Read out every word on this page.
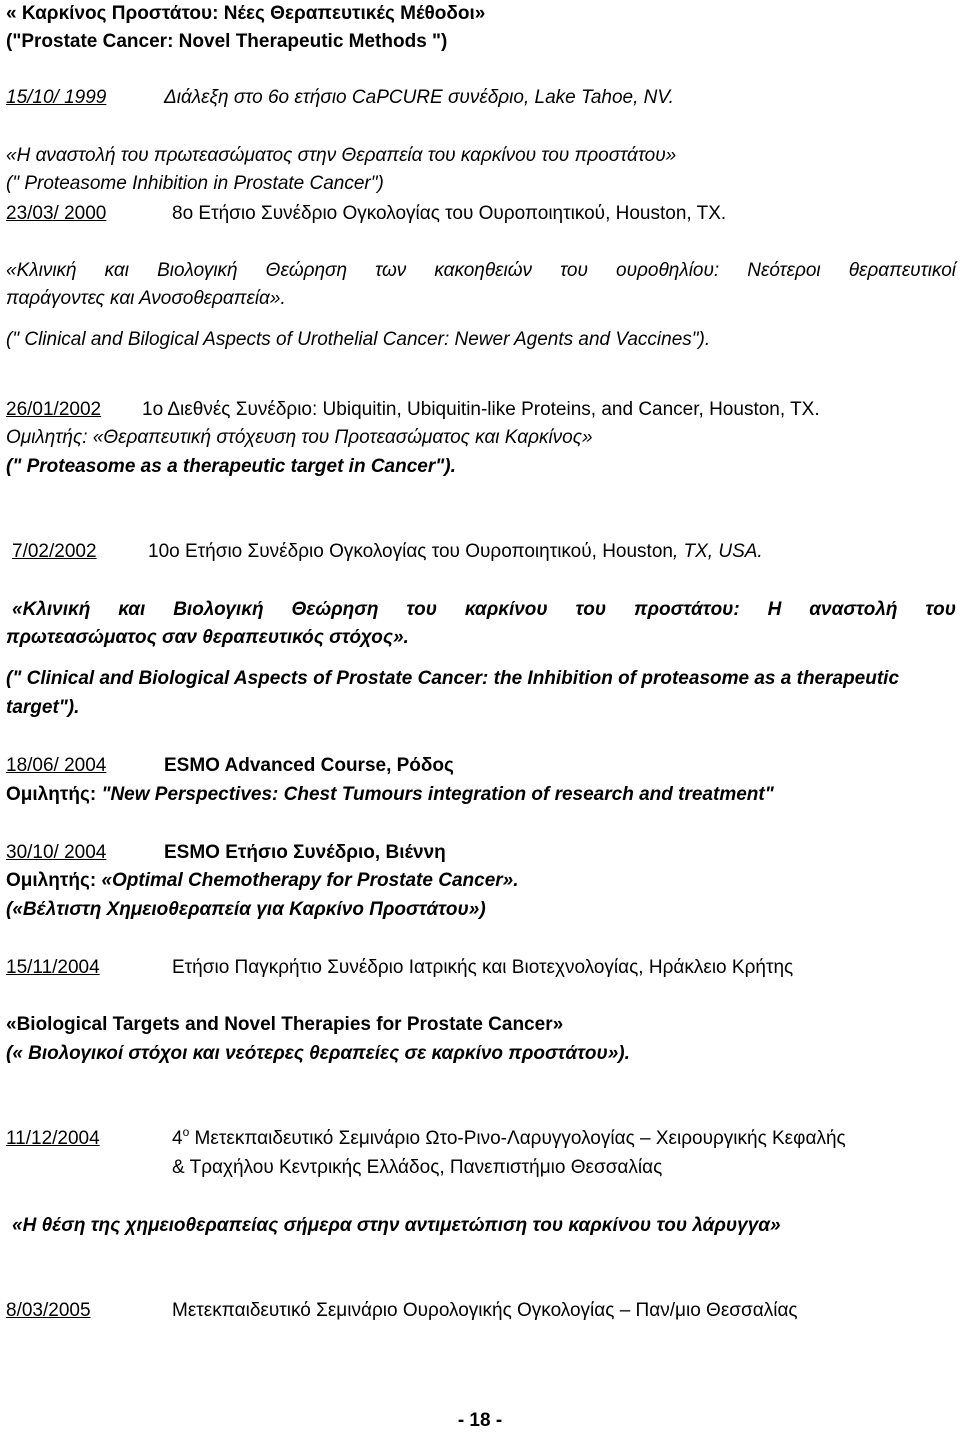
« Καρκίνος Προστάτου: Νέες Θεραπευτικές Μέθοδοι»
("Prostate Cancer: Novel Therapeutic Methods ")
15/10/ 1999	Διάλεξη στο 6ο ετήσιο CaPCURE συνέδριο, Lake Tahoe, NV.
«Η αναστολή του πρωτεασώματος στην Θεραπεία του καρκίνου του προστάτου»
(" Proteasome Inhibition in Prostate Cancer")
23/03/ 2000	8ο Ετήσιο Συνέδριο Ογκολογίας του Ουροποιητικού, Houston, TX.
«Κλινική και Βιολογική Θεώρηση των κακοηθειών του ουροθηλίου: Νεότεροι θεραπευτικοί
παράγοντες και Ανοσοθεραπεία».
(" Clinical and Bilogical Aspects of Urothelial Cancer: Newer Agents and Vaccines").
26/01/2002 1ο Διεθνές Συνέδριο: Ubiquitin, Ubiquitin-like Proteins, and Cancer, Houston, TX.
Ομιλητής: «Θεραπευτική στόχευση του Προτεασώματος και Καρκίνος»
(" Proteasome as a therapeutic target in Cancer").
7/02/2002	10ο Ετήσιο Συνέδριο Ογκολογίας του Ουροποιητικού, Houston, TX, USA.
«Κλινική και Βιολογική Θεώρηση του καρκίνου του προστάτου: Η αναστολή του
πρωτεασώματος σαν θεραπευτικός στόχος».
(" Clinical and Biological Aspects of Prostate Cancer: the Inhibition of proteasome as a therapeutic
target").
18/06/ 2004	ESMO Advanced Course, Ρόδος
Ομιλητής: "New Perspectives: Chest Tumours integration of research and treatment"
30/10/ 2004	ESMO Ετήσιο Συνέδριο, Βιέννη
Ομιλητής: «Optimal Chemotherapy for Prostate Cancer».
(«Βέλτιστη Χημειοθεραπεία για Καρκίνο Προστάτου»)
15/11/2004	Ετήσιο Παγκρήτιο Συνέδριο Ιατρικής και Βιοτεχνολογίας, Ηράκλειο Κρήτης
«Biological Targets and Novel Therapies for Prostate Cancer»
(« Βιολογικοί στόχοι και νεότερες θεραπείες σε καρκίνο προστάτου»).
11/12/2004	$4^o$ Μετεκπαιδευτικό Σεμινάριο Ωτο-Ρινο-Λαρυγγολογίας – Χειρουργικής Κεφαλής
& Τραχήλου Κεντρικής Ελλάδος, Πανεπιστήμιο Θεσσαλίας
«Η θέση της χημειοθεραπείας σήμερα στην αντιμετώπιση του καρκίνου του λάρυγγα»
8/03/2005	Μετεκπαιδευτικό Σεμινάριο Ουρολογικής Ογκολογίας – Παν/μιο Θεσσαλίας
- 18 -
